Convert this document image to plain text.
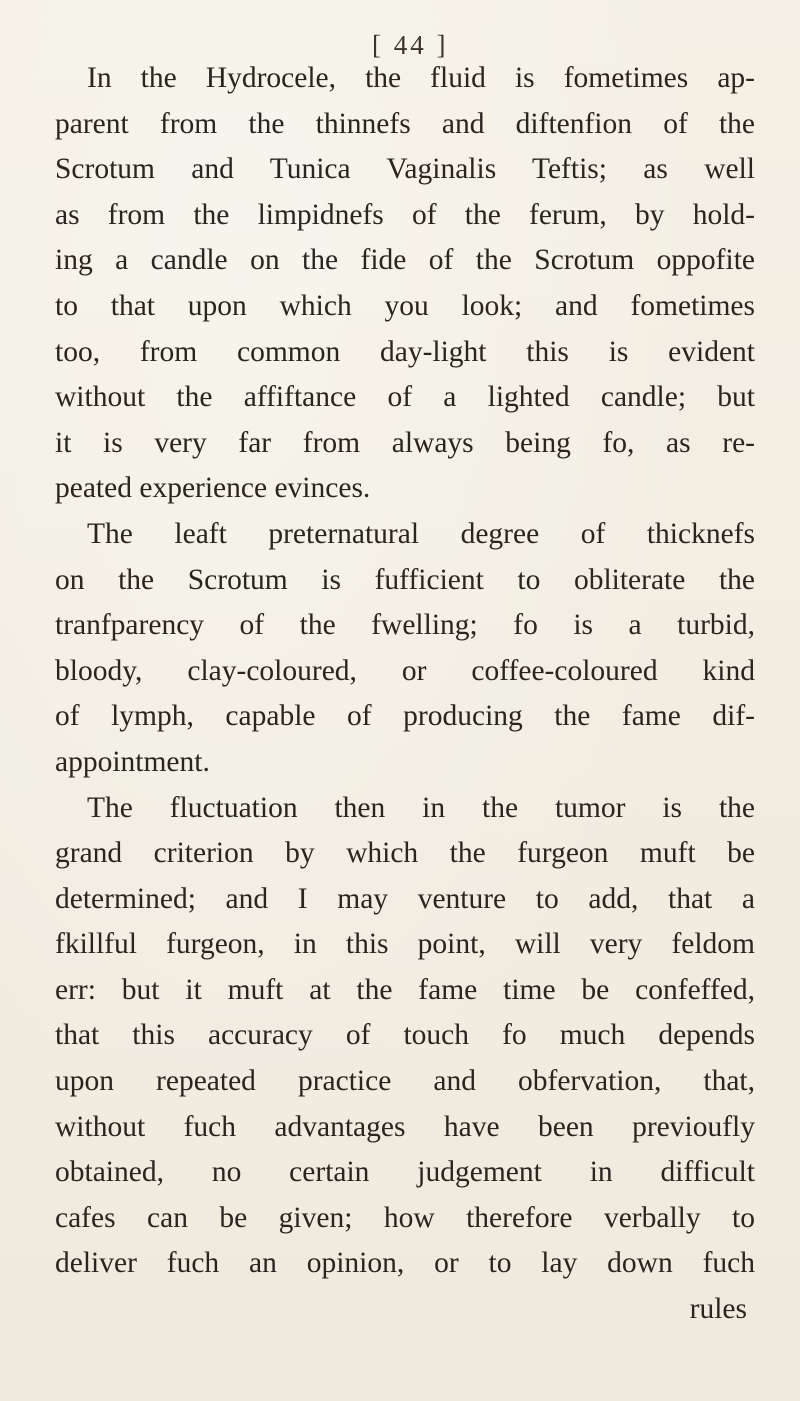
[ 44 ]
In the Hydrocele, the fluid is fometimes ap-
parent from the thinnefs and diftenfion of the
Scrotum and Tunica Vaginalis Teftis; as well
as from the limpidnefs of the ferum, by hold-
ing a candle on the fide of the Scrotum oppofite
to that upon which you look; and fometimes
too, from common day-light this is evident
without the affiftance of a lighted candle; but
it is very far from always being fo, as re-
peated experience evinces.
The leaft preternatural degree of thicknefs
on the Scrotum is fufficient to obliterate the
tranfparency of the fwelling; fo is a turbid,
bloody, clay-coloured, or coffee-coloured kind
of lymph, capable of producing the fame dif-
appointment.
The fluctuation then in the tumor is the
grand criterion by which the furgeon muft be
determined; and I may venture to add, that a
fkillful furgeon, in this point, will very feldom
err: but it muft at the fame time be confeffed,
that this accuracy of touch fo much depends
upon repeated practice and obfervation, that,
without fuch advantages have been previoufly
obtained, no certain judgement in difficult
cafes can be given; how therefore verbally to
deliver fuch an opinion, or to lay down fuch
rules
